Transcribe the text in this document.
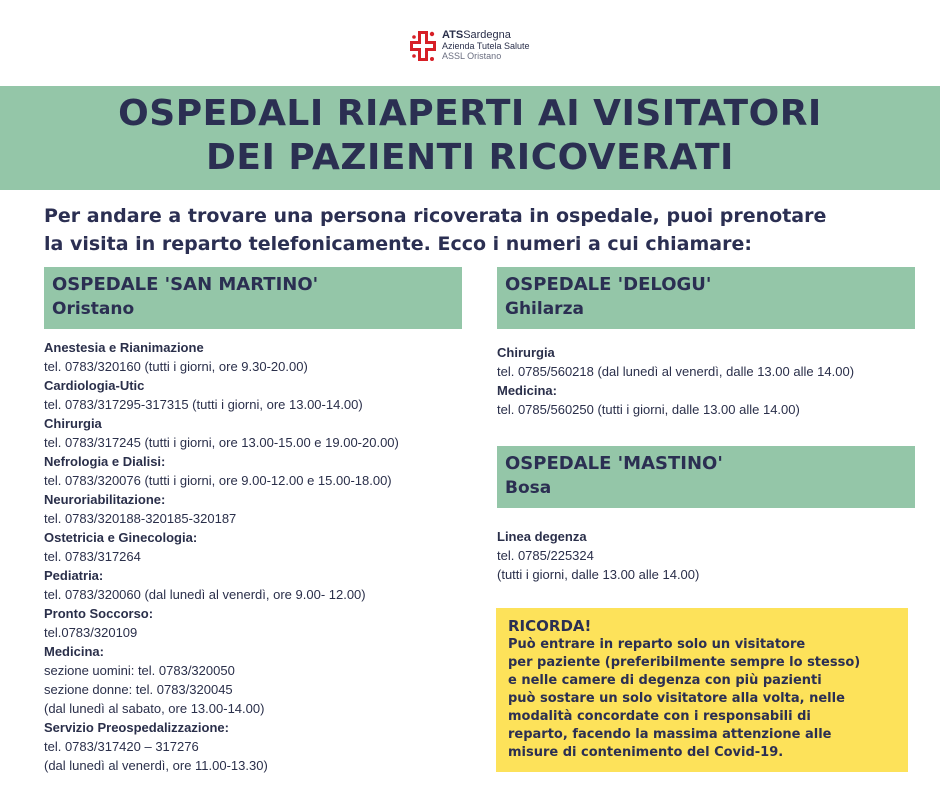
ATSSardegna
Azienda Tutela Salute
ASSL Oristano
OSPEDALI RIAPERTI AI VISITATORI
DEI PAZIENTI RICOVERATI
Per andare a trovare una persona ricoverata in ospedale, puoi prenotare
la visita in reparto telefonicamente. Ecco i numeri a cui chiamare:
OSPEDALE 'SAN MARTINO'
Oristano
Anestesia e Rianimazione
tel. 0783/320160 (tutti i giorni, ore 9.30-20.00)
Cardiologia-Utic
tel. 0783/317295-317315 (tutti i giorni, ore 13.00-14.00)
Chirurgia
tel. 0783/317245 (tutti i giorni, ore 13.00-15.00 e 19.00-20.00)
Nefrologia e Dialisi:
tel. 0783/320076 (tutti i giorni, ore 9.00-12.00 e 15.00-18.00)
Neuroriabilitazione:
tel. 0783/320188-320185-320187
Ostetricia e Ginecologia:
tel. 0783/317264
Pediatria:
tel. 0783/320060 (dal lunedì al venerdì, ore 9.00- 12.00)
Pronto Soccorso:
tel.0783/320109
Medicina:
sezione uomini: tel. 0783/320050
sezione donne: tel. 0783/320045
(dal lunedì al sabato, ore 13.00-14.00)
Servizio Preospedalizzazione:
tel. 0783/317420 – 317276
(dal lunedì al venerdì, ore 11.00-13.30)
OSPEDALE 'DELOGU'
Ghilarza
Chirurgia
tel. 0785/560218 (dal lunedì al venerdì, dalle 13.00 alle 14.00)
Medicina:
tel. 0785/560250 (tutti i giorni, dalle 13.00 alle 14.00)
OSPEDALE 'MASTINO'
Bosa
Linea degenza
tel. 0785/225324
(tutti i giorni, dalle 13.00 alle 14.00)
RICORDA!
Può entrare in reparto solo un visitatore
per paziente (preferibilmente sempre lo stesso)
e nelle camere di degenza con più pazienti
può sostare un solo visitatore alla volta, nelle
modalità concordate con i responsabili di
reparto, facendo la massima attenzione alle
misure di contenimento del Covid-19.
